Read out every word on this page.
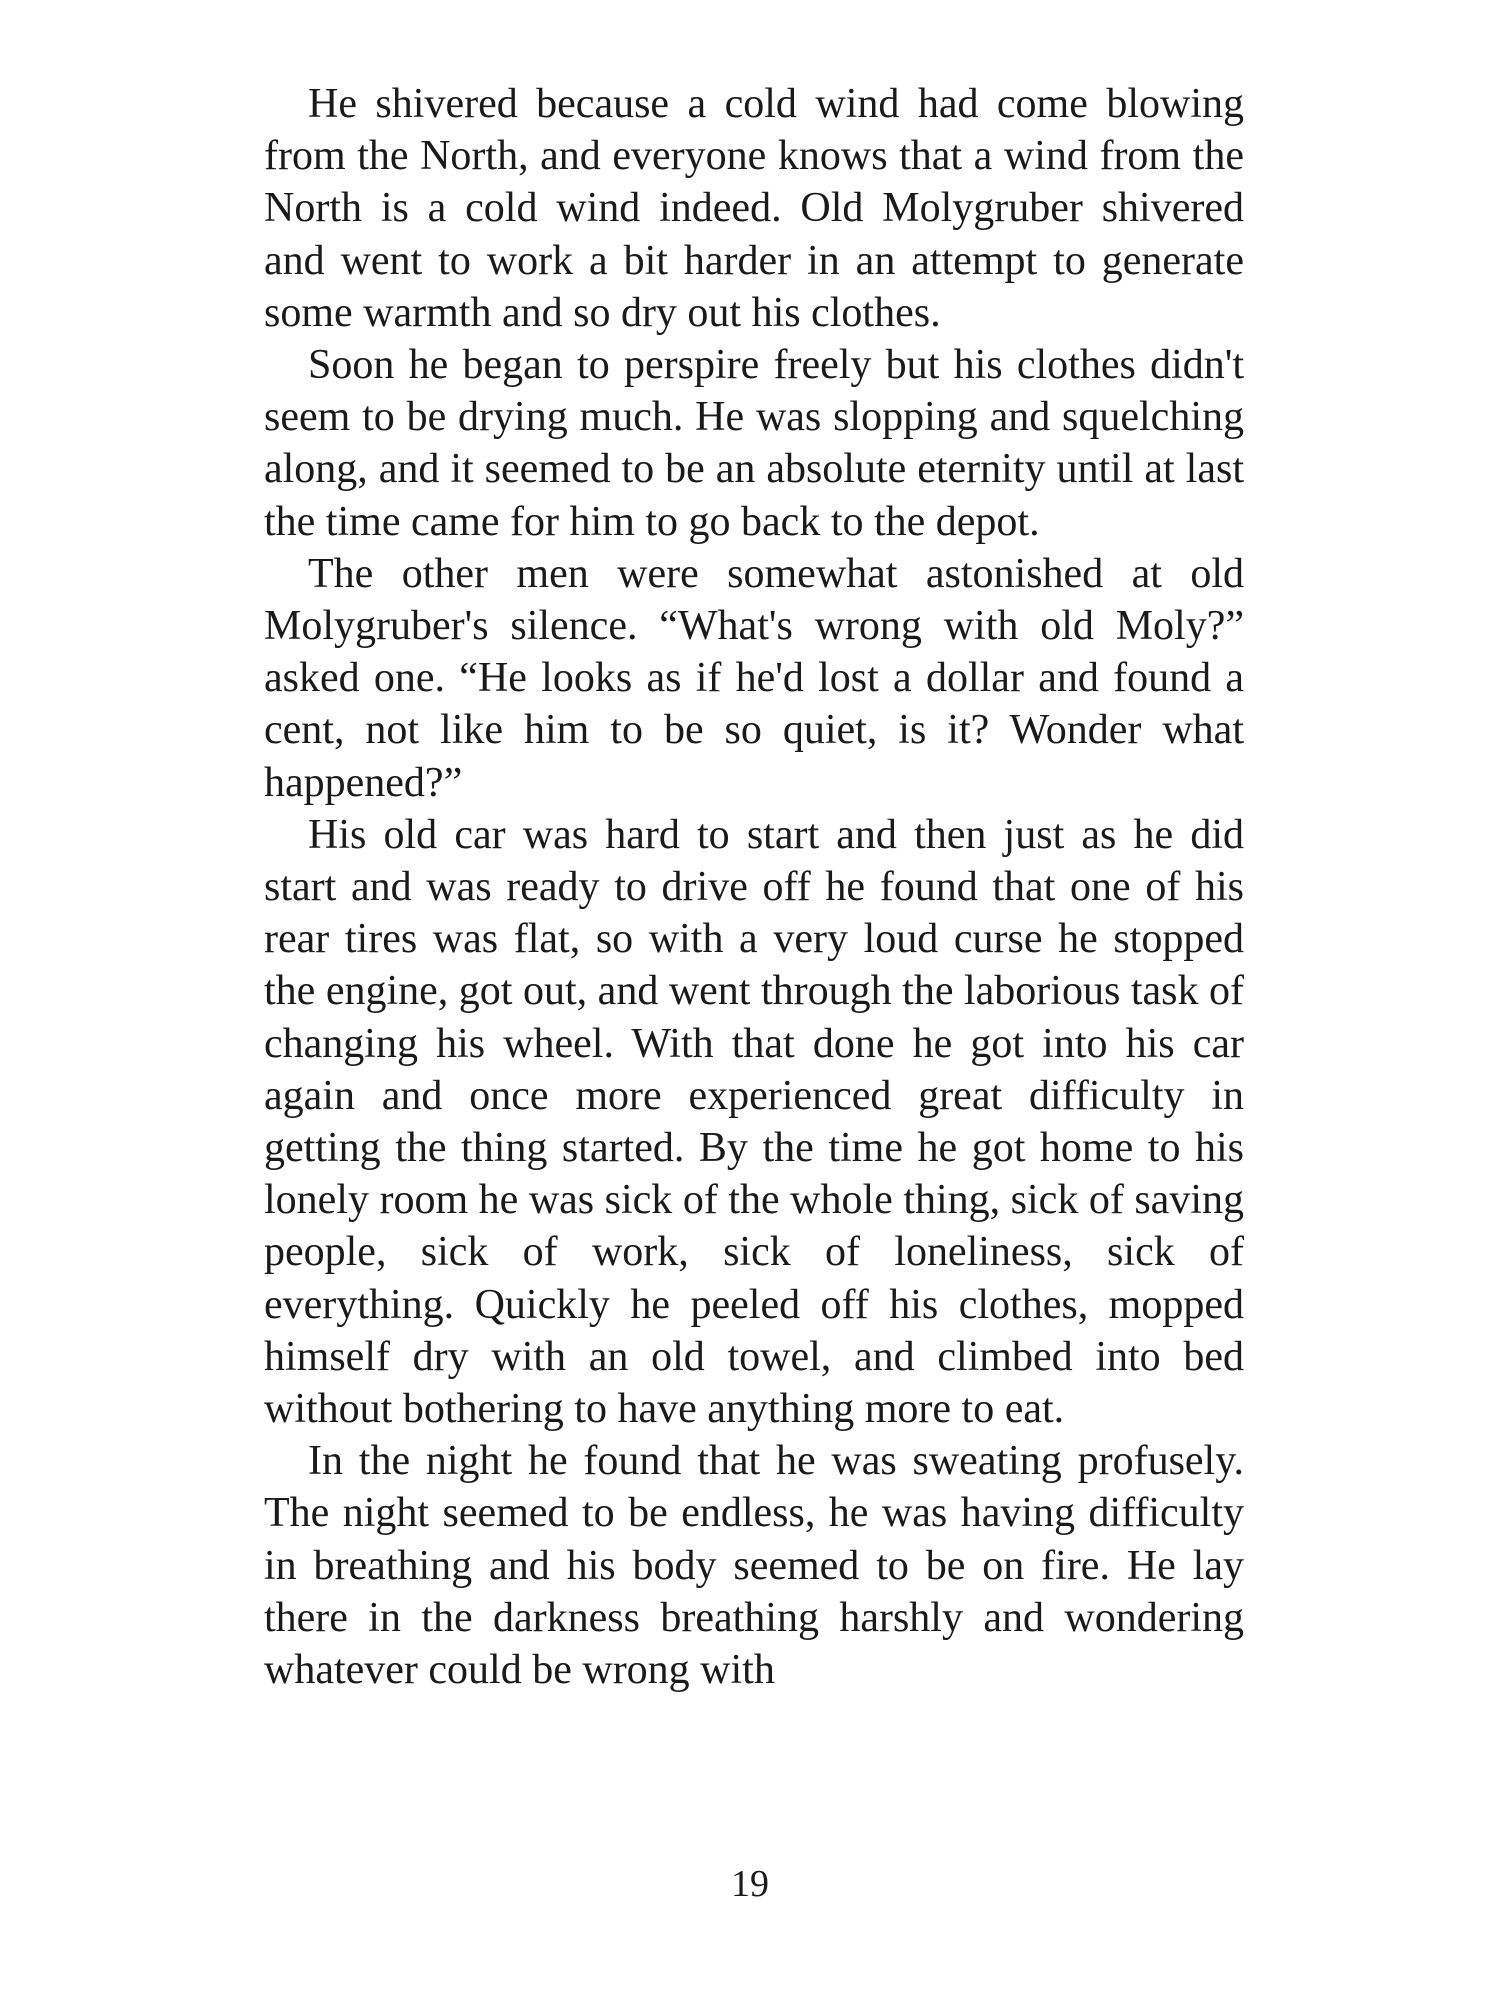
He shivered because a cold wind had come blowing from the North, and everyone knows that a wind from the North is a cold wind indeed. Old Molygruber shivered and went to work a bit harder in an attempt to generate some warmth and so dry out his clothes.

Soon he began to perspire freely but his clothes didn't seem to be drying much. He was slopping and squelching along, and it seemed to be an absolute eternity until at last the time came for him to go back to the depot.

The other men were somewhat astonished at old Molygruber's silence. “What's wrong with old Moly?” asked one. “He looks as if he'd lost a dollar and found a cent, not like him to be so quiet, is it? Wonder what happened?”

His old car was hard to start and then just as he did start and was ready to drive off he found that one of his rear tires was flat, so with a very loud curse he stopped the engine, got out, and went through the laborious task of changing his wheel. With that done he got into his car again and once more experienced great difficulty in getting the thing started. By the time he got home to his lonely room he was sick of the whole thing, sick of saving people, sick of work, sick of loneliness, sick of everything. Quickly he peeled off his clothes, mopped himself dry with an old towel, and climbed into bed without bothering to have anything more to eat.

In the night he found that he was sweating profusely. The night seemed to be endless, he was having difficulty in breathing and his body seemed to be on fire. He lay there in the darkness breathing harshly and wondering whatever could be wrong with

19
